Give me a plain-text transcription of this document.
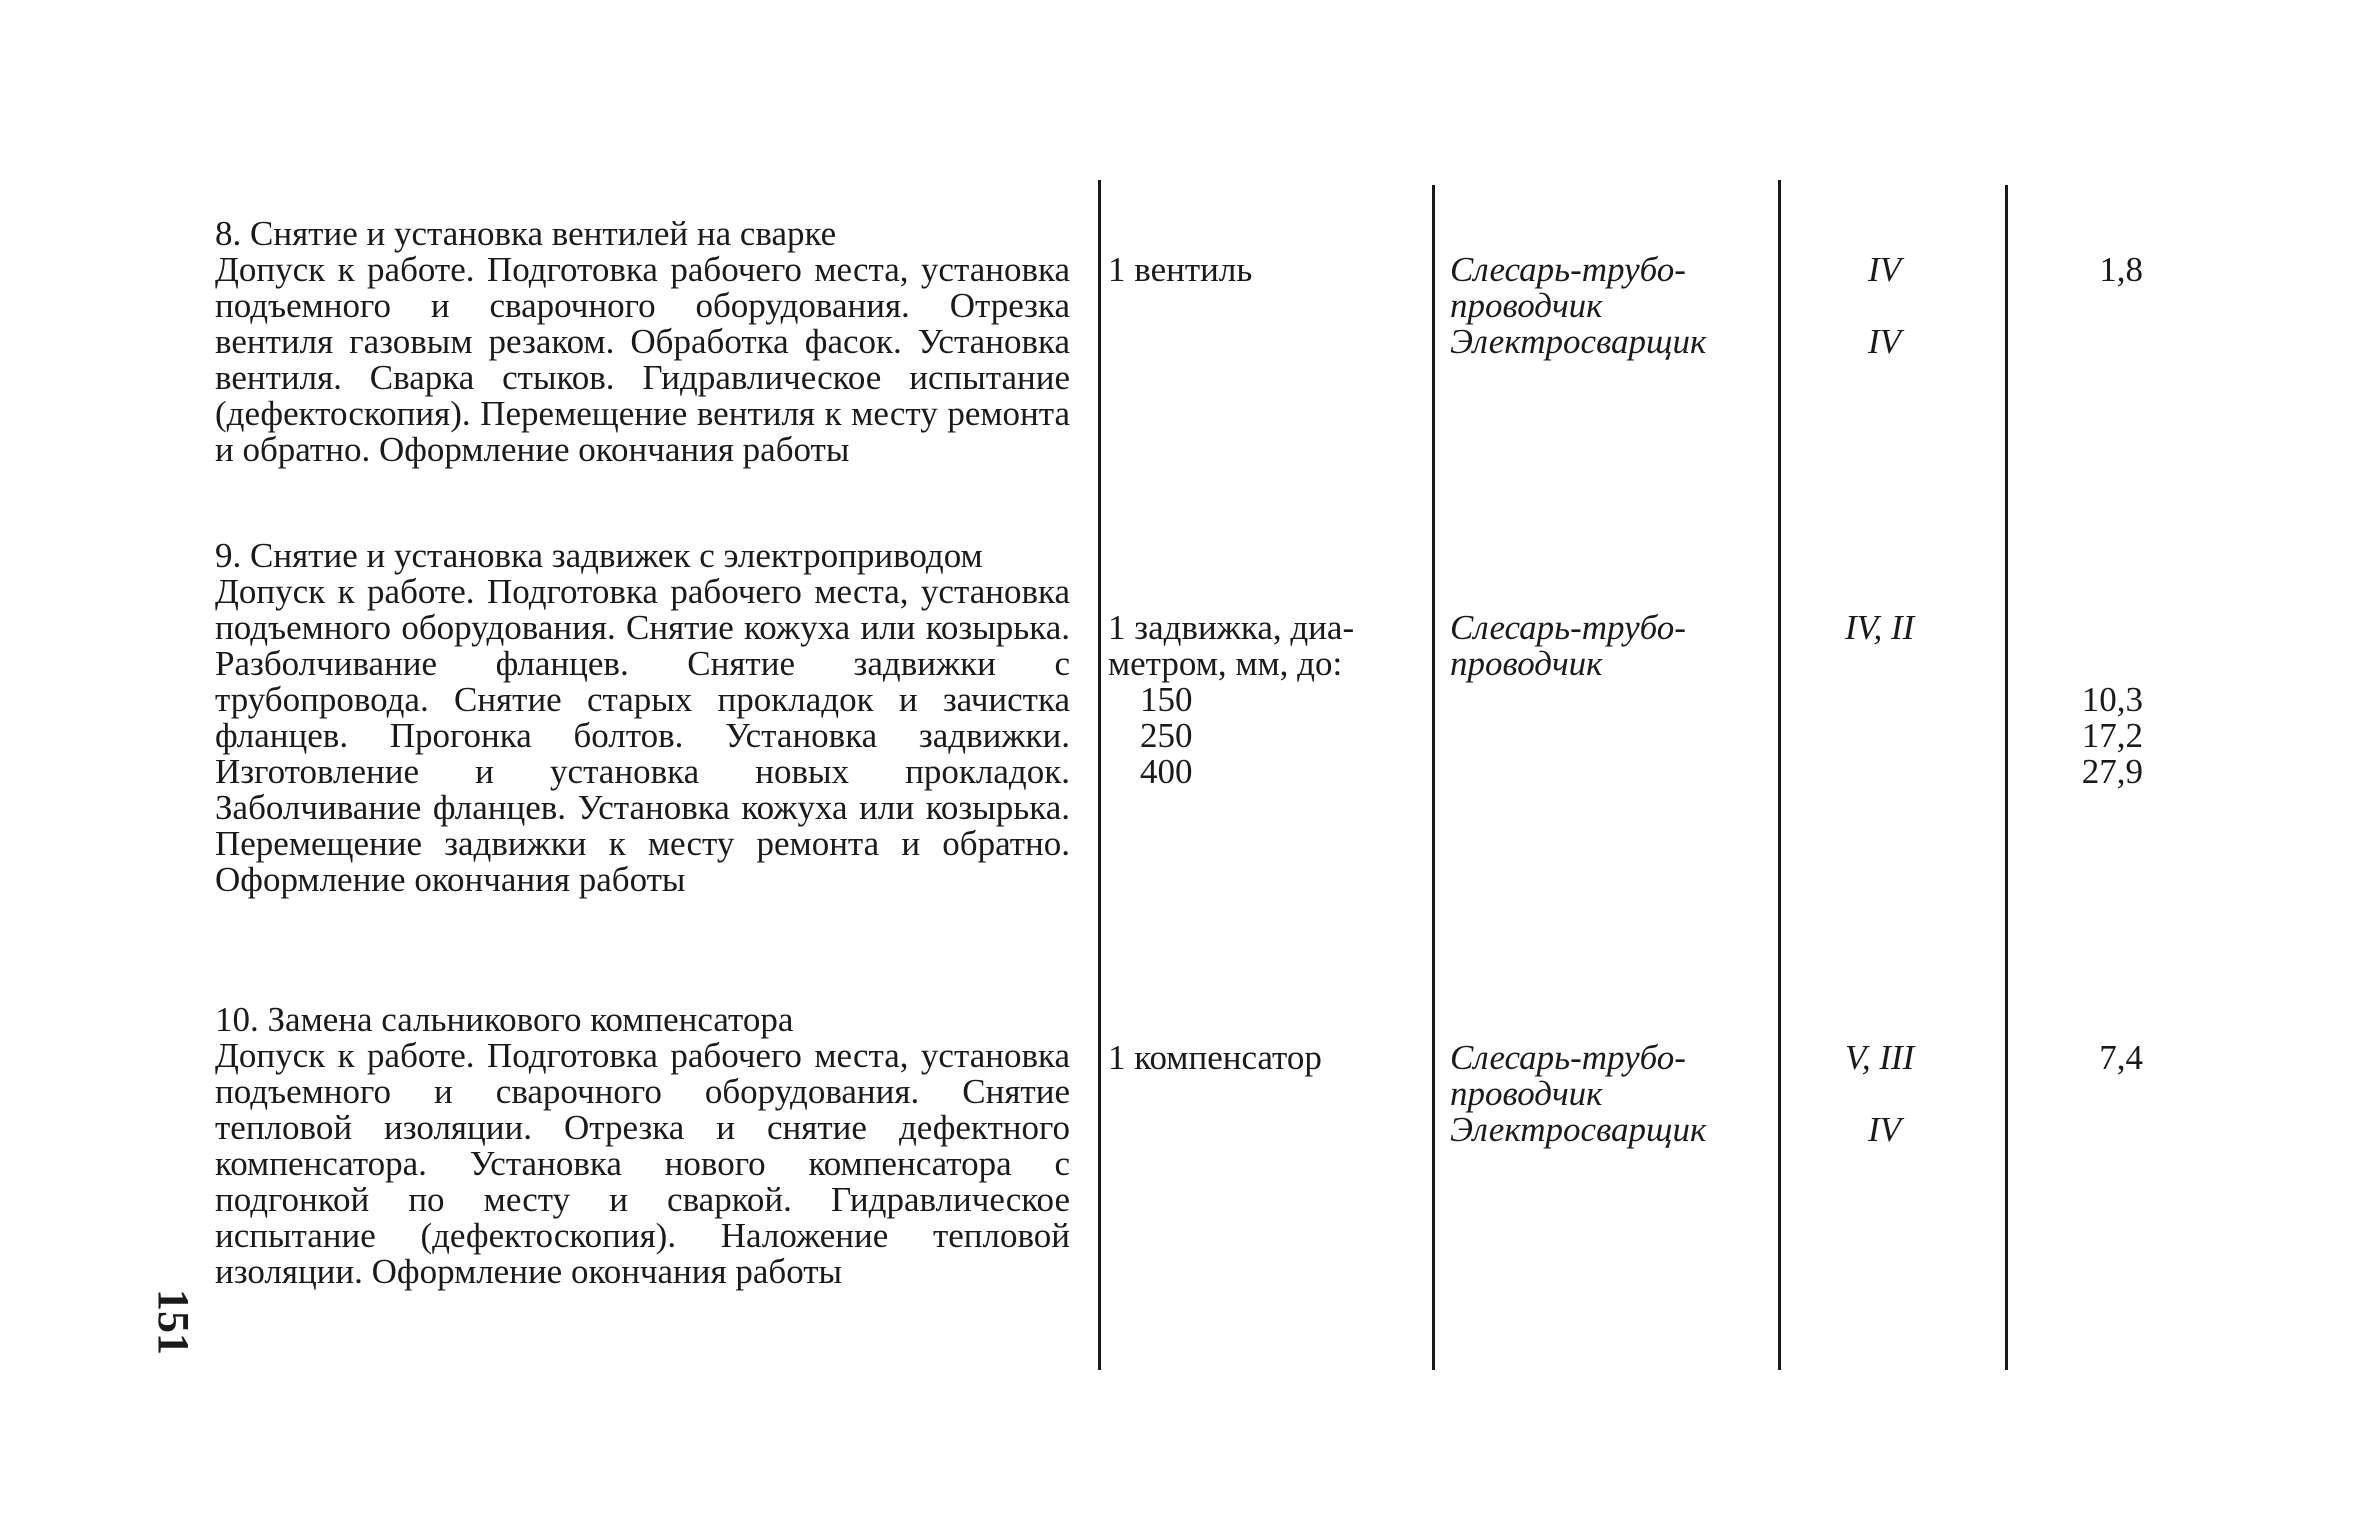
8. Снятие и установка вентилей на сварке
Допуск к работе. Подготовка рабочего места, установка подъемного и сварочного оборудования. Отрезка вентиля газовым резаком. Обработка фасок. Установка вентиля. Сварка стыков. Гидравлическое испытание (дефектоскопия). Перемещение вентиля к месту ремонта и обратно. Оформление окончания работы
1 вентиль	Слесарь-трубо-
проводчик
Электросварщик
IV
IV
1,8
9. Снятие и установка задвижек с электроприводом
Допуск к работе. Подготовка рабочего места, установка подъемного оборудования. Снятие кожуха или козырька. Разболчивание фланцев. Снятие задвижки с трубопровода. Снятие старых прокладок и зачистка фланцев. Прогонка болтов. Установка задвижки. Изготовление и установка новых прокладок. Заболчивание фланцев. Установка кожуха или козырька. Перемещение задвижки к месту ремонта и обратно. Оформление окончания работы
1 задвижка, диа-
метром, мм, до:
150
250
400
Слесарь-трубо-
проводчик
IV, II
10,3
17,2
27,9
10. Замена сальникового компенсатора
Допуск к работе. Подготовка рабочего места, установка подъемного и сварочного оборудования. Снятие тепловой изоляции. Отрезка и снятие дефектного компенсатора. Установка нового компенсатора с подгонкой по месту и сваркой. Гидравлическое испытание (дефектоскопия). Наложение тепловой изоляции. Оформление окончания работы
1 компенсатор	Слесарь-трубо-
проводчик
Электросварщик
V, III
IV
7,4
151
